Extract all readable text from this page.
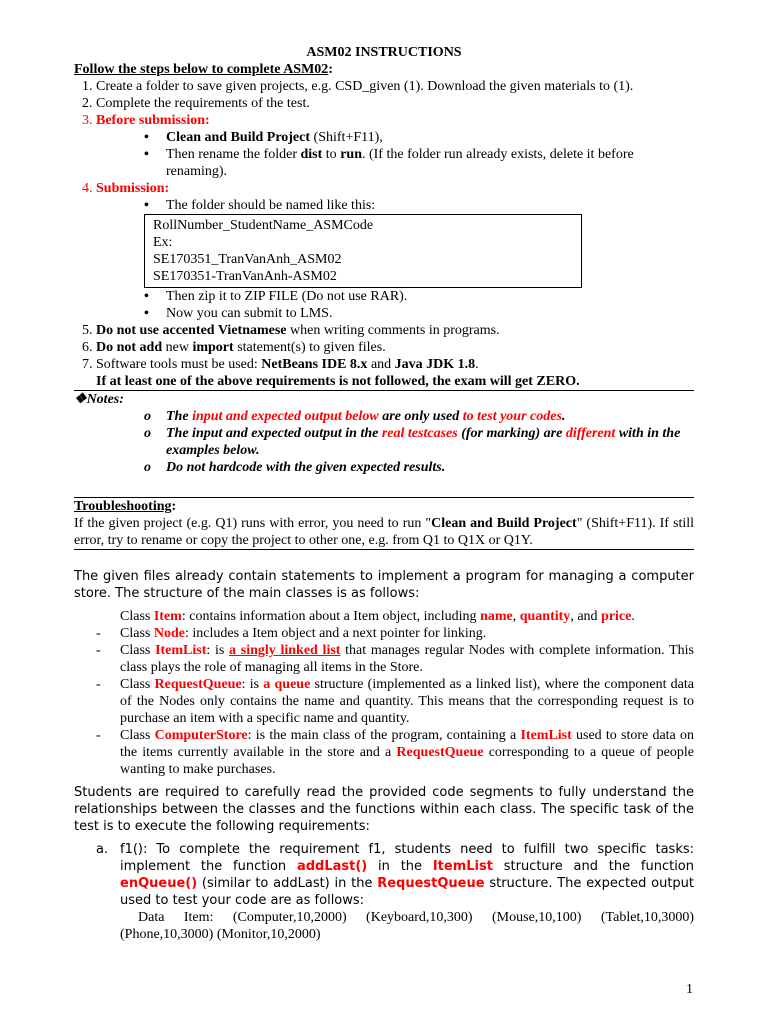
ASM02 INSTRUCTIONS
Follow the steps below to complete ASM02:
1. Create a folder to save given projects, e.g. CSD_given (1). Download the given materials to (1).
2. Complete the requirements of the test.
3. Before submission:
• Clean and Build Project (Shift+F11),
• Then rename the folder dist to run. (If the folder run already exists, delete it before renaming).
4. Submission:
• The folder should be named like this:
RollNumber_StudentName_ASMCode
Ex:
SE170351_TranVanAnh_ASM02
SE170351-TranVanAnh-ASM02
• Then zip it to ZIP FILE (Do not use RAR).
• Now you can submit to LMS.
5. Do not use accented Vietnamese when writing comments in programs.
6. Do not add new import statement(s) to given files.
7. Software tools must be used: NetBeans IDE 8.x and Java JDK 1.8.
If at least one of the above requirements is not followed, the exam will get ZERO.
❖Notes:
o The input and expected output below are only used to test your codes.
o The input and expected output in the real testcases (for marking) are different with in the examples below.
o Do not hardcode with the given expected results.
Troubleshooting:
If the given project (e.g. Q1) runs with error, you need to run "Clean and Build Project" (Shift+F11). If still error, try to rename or copy the project to other one, e.g. from Q1 to Q1X or Q1Y.
The given files already contain statements to implement a program for managing a computer store. The structure of the main classes is as follows:
Class Item: contains information about a Item object, including name, quantity, and price.
- Class Node: includes a Item object and a next pointer for linking.
- Class ItemList: is a singly linked list that manages regular Nodes with complete information. This class plays the role of managing all items in the Store.
- Class RequestQueue: is a queue structure (implemented as a linked list), where the component data of the Nodes only contains the name and quantity. This means that the corresponding request is to purchase an item with a specific name and quantity.
- Class ComputerStore: is the main class of the program, containing a ItemList used to store data on the items currently available in the store and a RequestQueue corresponding to a queue of people wanting to make purchases.
Students are required to carefully read the provided code segments to fully understand the relationships between the classes and the functions within each class. The specific task of the test is to execute the following requirements:
a. f1(): To complete the requirement f1, students need to fulfill two specific tasks: implement the function addLast() in the ItemList structure and the function enQueue() (similar to addLast) in the RequestQueue structure. The expected output used to test your code are as follows:
Data Item: (Computer,10,2000) (Keyboard,10,300) (Mouse,10,100) (Tablet,10,3000) (Phone,10,3000) (Monitor,10,2000)
1
